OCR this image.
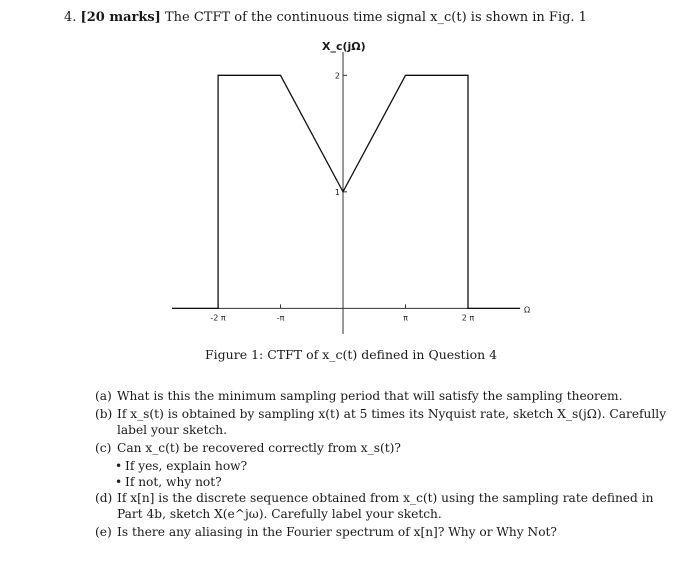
4. [20 marks] The CTFT of the continuous time signal x_c(t) is shown in Fig. 1
X_c(jΩ)
-2 π	-π	π	2 π
1
2
Ω
Figure 1: CTFT of x_c(t) defined in Question 4
(a) What is this the minimum sampling period that will satisfy the sampling theorem.
(b) If x_s(t) is obtained by sampling x(t) at 5 times its Nyquist rate, sketch X_s(jΩ). Carefully label your sketch.
(c) Can x_c(t) be recovered correctly from x_s(t)?
• If yes, explain how?
• If not, why not?
(d) If x[n] is the discrete sequence obtained from x_c(t) using the sampling rate defined in Part 4b, sketch X(e^jω). Carefully label your sketch.
(e) Is there any aliasing in the Fourier spectrum of x[n]? Why or Why Not?
